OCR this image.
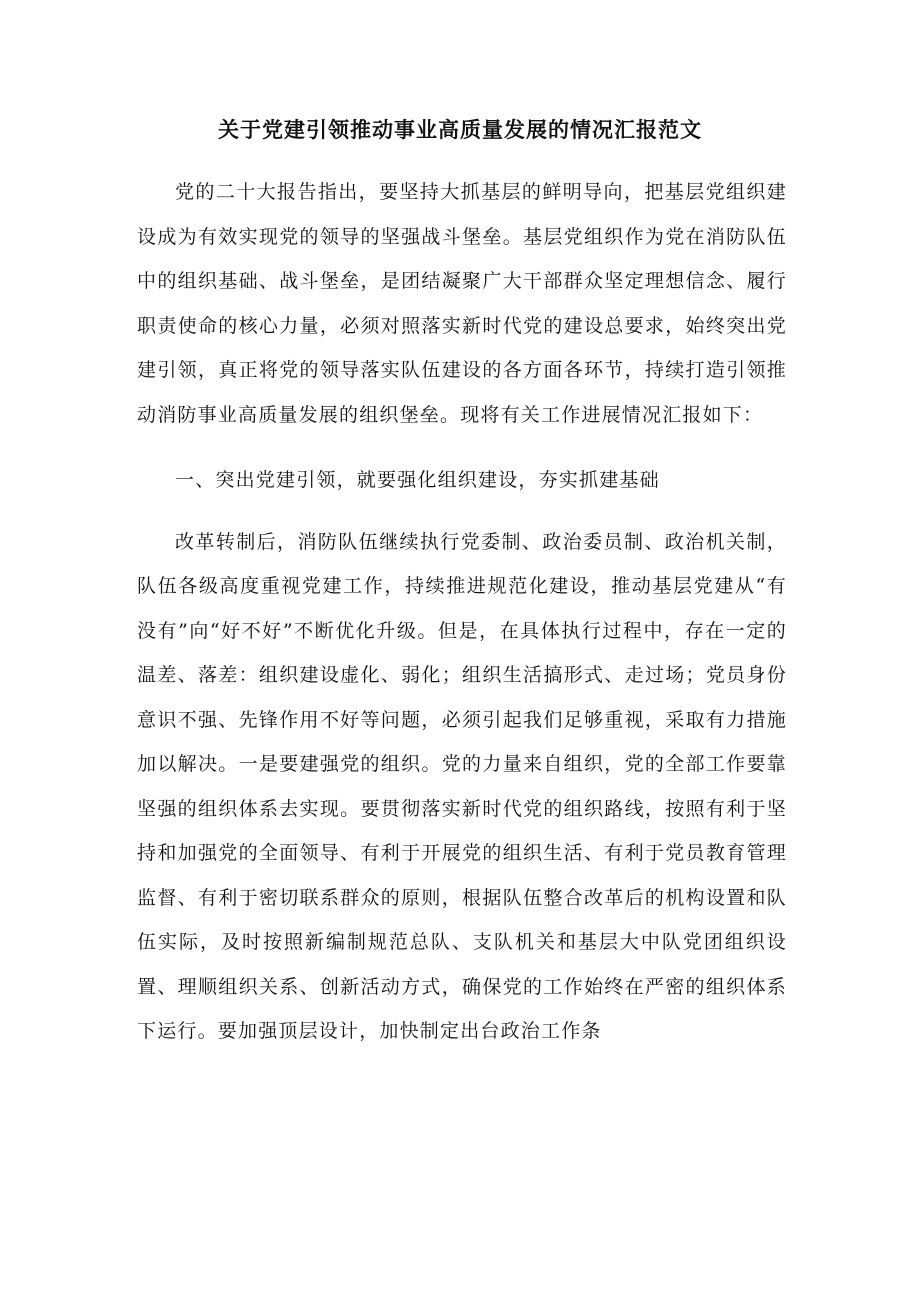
关于党建引领推动事业高质量发展的情况汇报范文

党的二十大报告指出，要坚持大抓基层的鲜明导向，把基层党组织建设成为有效实现党的领导的坚强战斗堡垒。基层党组织作为党在消防队伍中的组织基础、战斗堡垒，是团结凝聚广大干部群众坚定理想信念、履行职责使命的核心力量，必须对照落实新时代党的建设总要求，始终突出党建引领，真正将党的领导落实队伍建设的各方面各环节，持续打造引领推动消防事业高质量发展的组织堡垒。现将有关工作进展情况汇报如下：

一、突出党建引领，就要强化组织建设，夯实抓建基础

改革转制后，消防队伍继续执行党委制、政治委员制、政治机关制，队伍各级高度重视党建工作，持续推进规范化建设，推动基层党建从“有没有”向“好不好”不断优化升级。但是，在具体执行过程中，存在一定的温差、落差：组织建设虚化、弱化；组织生活搞形式、走过场；党员身份意识不强、先锋作用不好等问题，必须引起我们足够重视，采取有力措施加以解决。一是要建强党的组织。党的力量来自组织，党的全部工作要靠坚强的组织体系去实现。要贯彻落实新时代党的组织路线，按照有利于坚持和加强党的全面领导、有利于开展党的组织生活、有利于党员教育管理监督、有利于密切联系群众的原则，根据队伍整合改革后的机构设置和队伍实际，及时按照新编制规范总队、支队机关和基层大中队党团组织设置、理顺组织关系、创新活动方式，确保党的工作始终在严密的组织体系下运行。要加强顶层设计，加快制定出台政治工作条
